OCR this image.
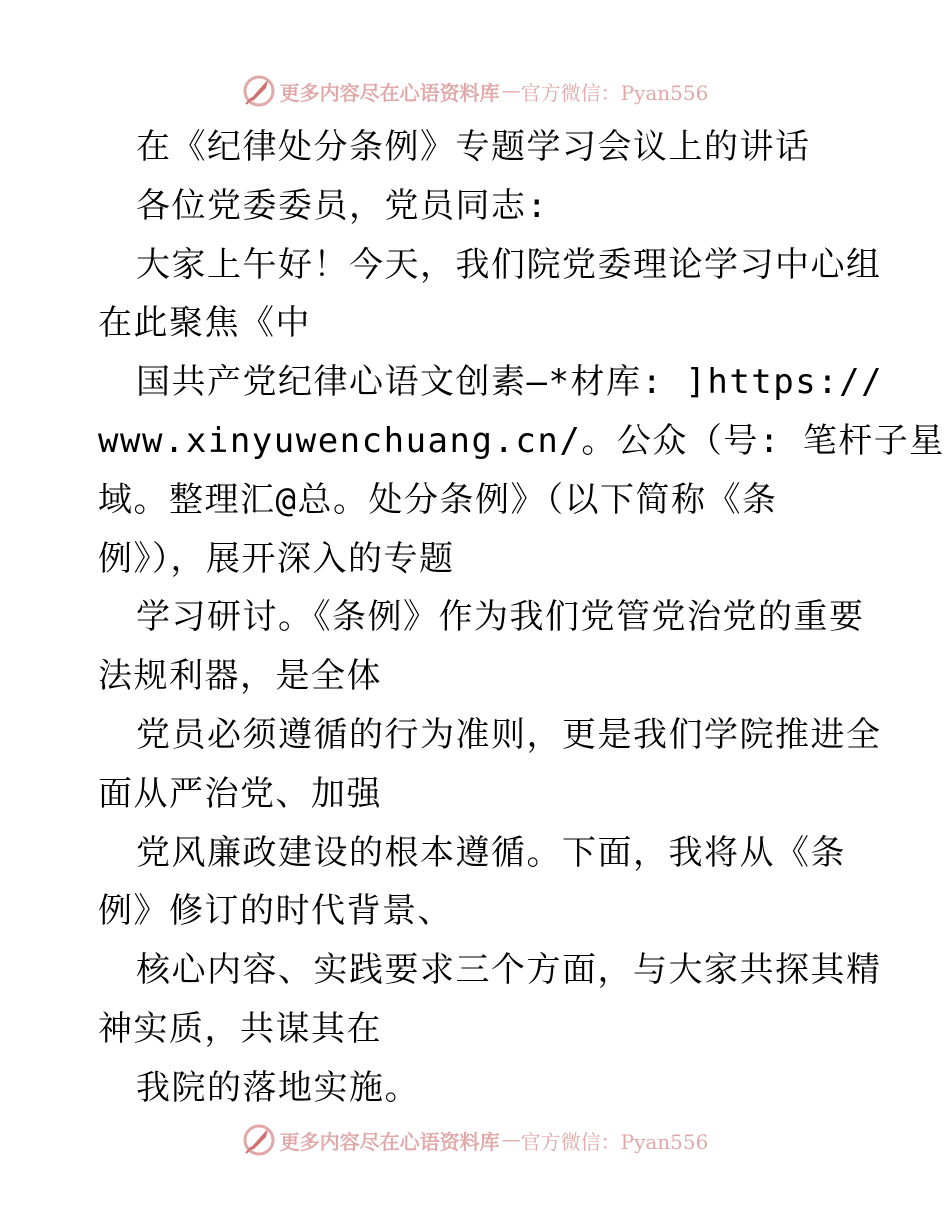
更多内容尽在心语资料库 — 官方微信：Pyan556
在《纪律处分条例》专题学习会议上的讲话
各位党委委员，党员同志:
大家上午好！今天，我们院党委理论学习中心组
在此聚焦《中
国共产党纪律心语文创素—*材库: ]https://
www.xinyuwenchuang.cn/。公众（号: 笔杆子星
域。整理汇@总。处分条例》（以下简称《条
例》），展开深入的专题
学习研讨。《条例》作为我们党管党治党的重要
法规利器，是全体
党员必须遵循的行为准则，更是我们学院推进全
面从严治党、加强
党风廉政建设的根本遵循。下面，我将从《条
例》修订的时代背景、
核心内容、实践要求三个方面，与大家共探其精
神实质，共谋其在
我院的落地实施。
更多内容尽在心语资料库 — 官方微信：Pyan556
